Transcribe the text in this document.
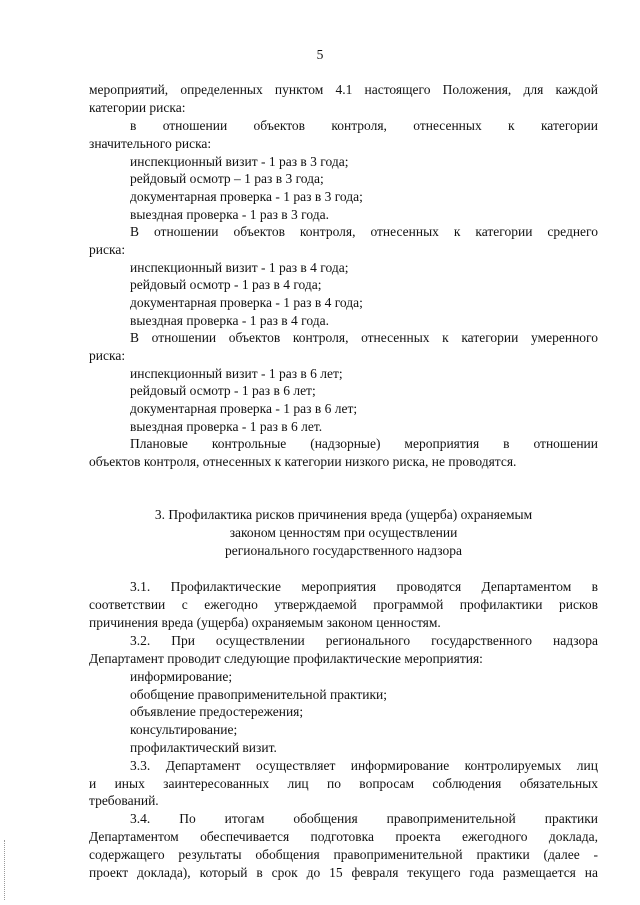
5
мероприятий, определенных пунктом 4.1 настоящего Положения, для каждой
категории риска:
в отношении объектов контроля, отнесенных к категории
значительного риска:
инспекционный визит - 1 раз в 3 года;
рейдовый осмотр – 1 раз в 3 года;
документарная проверка - 1 раз в 3 года;
выездная проверка - 1 раз в 3 года.
В отношении объектов контроля, отнесенных к категории среднего
риска:
инспекционный визит - 1 раз в 4 года;
рейдовый осмотр - 1 раз в 4 года;
документарная проверка - 1 раз в 4 года;
выездная проверка - 1 раз в 4 года.
В отношении объектов контроля, отнесенных к категории умеренного
риска:
инспекционный визит - 1 раз в 6 лет;
рейдовый осмотр - 1 раз в 6 лет;
документарная проверка - 1 раз в 6 лет;
выездная проверка - 1 раз в 6 лет.
Плановые контрольные (надзорные) мероприятия в отношении
объектов контроля, отнесенных к категории низкого риска, не проводятся.
3. Профилактика рисков причинения вреда (ущерба) охраняемым
законом ценностям при осуществлении
регионального государственного надзора
3.1. Профилактические мероприятия проводятся Департаментом в
соответствии с ежегодно утверждаемой программой профилактики рисков
причинения вреда (ущерба) охраняемым законом ценностям.
3.2. При осуществлении регионального государственного надзора
Департамент проводит следующие профилактические мероприятия:
информирование;
обобщение правоприменительной практики;
объявление предостережения;
консультирование;
профилактический визит.
3.3. Департамент осуществляет информирование контролируемых лиц
и иных заинтересованных лиц по вопросам соблюдения обязательных
требований.
3.4. По итогам обобщения правоприменительной практики
Департаментом обеспечивается подготовка проекта ежегодного доклада,
содержащего результаты обобщения правоприменительной практики (далее -
проект доклада), который в срок до 15 февраля текущего года размещается на
